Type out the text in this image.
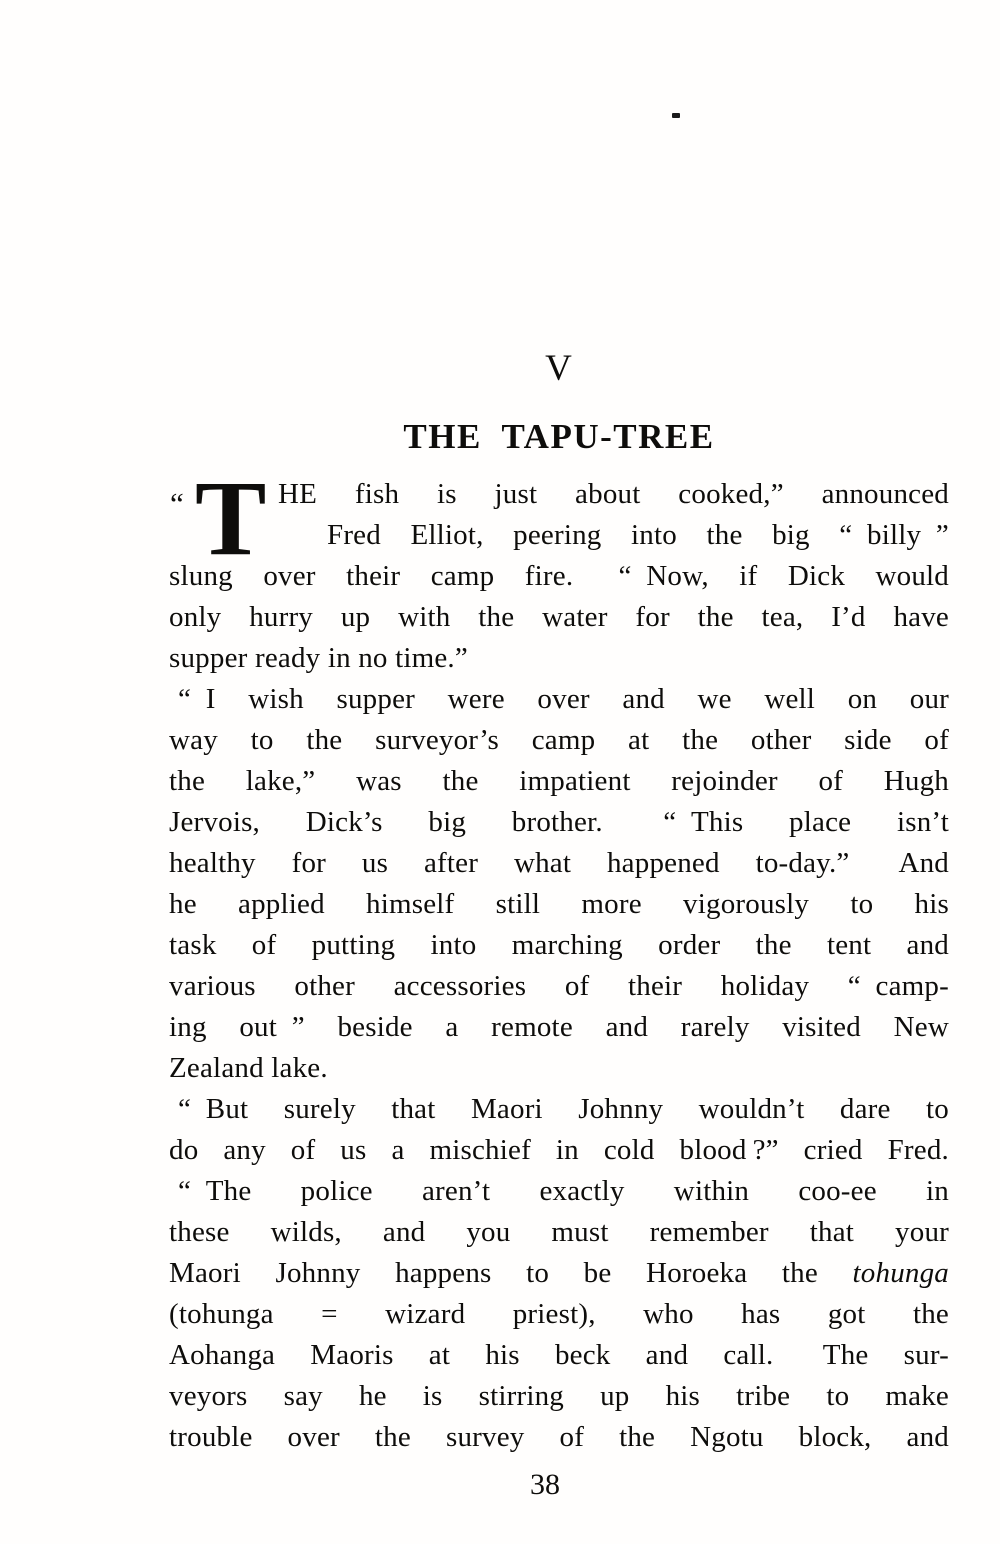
V
THE TAPU-TREE
“ T HE fish is just about cooked,” announced
Fred Elliot, peering into the big “ billy ”
slung over their camp fire.  “ Now, if Dick would
only hurry up with the water for the tea, I’d have
supper ready in no time.”
“ I wish supper were over and we well on our
way to the surveyor’s camp at the other side of
the lake,” was the impatient rejoinder of Hugh
Jervois, Dick’s big brother.  “ This place isn’t
healthy for us after what happened to-day.”  And
he applied himself still more vigorously to his
task of putting into marching order the tent and
various other accessories of their holiday “ camp-
ing out ” beside a remote and rarely visited New
Zealand lake.
“ But surely that Maori Johnny wouldn’t dare to
do any of us a mischief in cold blood ?” cried Fred.
“ The police aren’t exactly within coo-ee in
these wilds, and you must remember that your
Maori Johnny happens to be Horoeka the tohunga
(tohunga = wizard priest), who has got the
Aohanga Maoris at his beck and call.  The sur-
veyors say he is stirring up his tribe to make
trouble over the survey of the Ngotu block, and
38
